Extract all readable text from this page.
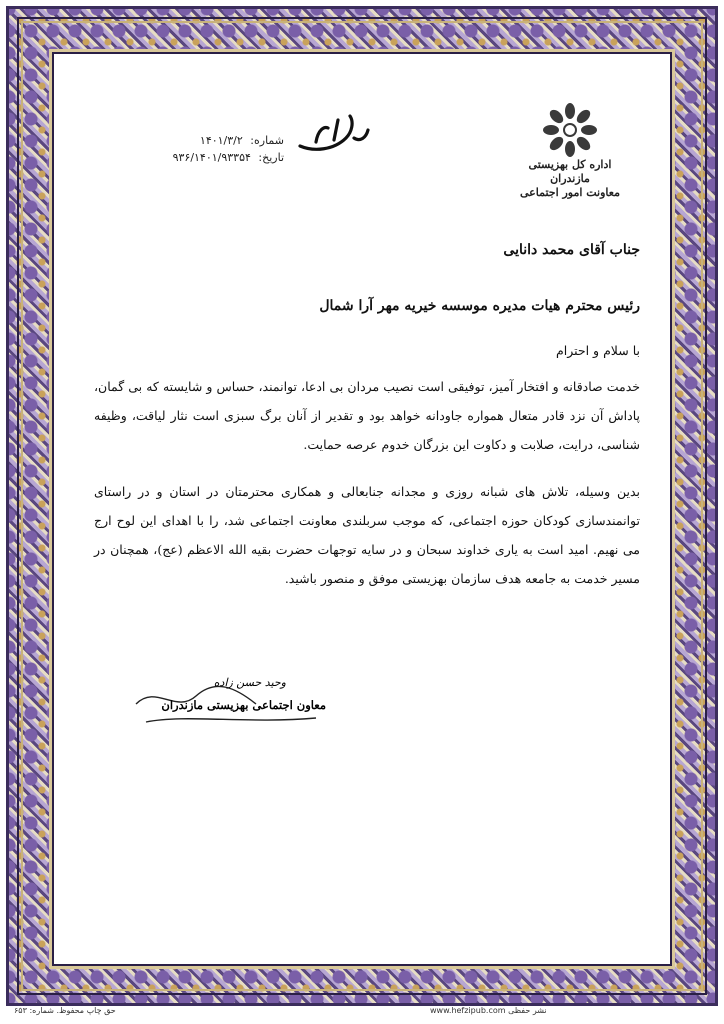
اداره کل بهزیستی مازندران
معاونت امور اجتماعی
شماره: ۱۴۰۱/۳/۲
تاریخ: ۹۳۶/۱۴۰۱/۹۳۳۵۴
جناب آقای محمد دانایی
رئیس محترم هیات مدیره موسسه خیریه مهر آرا شمال
با سلام و احترام
خدمت صادقانه و افتخار آمیز، توفیقی است نصیب مردان بی ادعا، توانمند، حساس و شایسته که بی گمان، پاداش آن نزد قادر متعال همواره جاودانه خواهد بود و تقدیر از آنان برگ سبزی است نثار لیاقت، وظیفه شناسی، درایت، صلابت و دکاوت این بزرگان خدوم عرصه حمایت.
بدین وسیله، تلاش های شبانه روزی و مجدانه جنابعالی و همکاری محترمتان در استان و در راستای توانمندسازی کودکان حوزه اجتماعی، که موجب سربلندی معاونت اجتماعی شد، را با اهدای این لوح ارج می نهیم. امید است به یاری خداوند سبحان و در سایه توجهات حضرت بقیه الله الاعظم (عج)، همچنان در مسیر خدمت به جامعه هدف سازمان بهزیستی موفق و منصور باشید.
وحید حسن زاده
معاون اجتماعی بهزیستی مازندران
www.hefzipub.com نشر حفظی
حق چاپ محفوظ. شماره: ۶۵۳
